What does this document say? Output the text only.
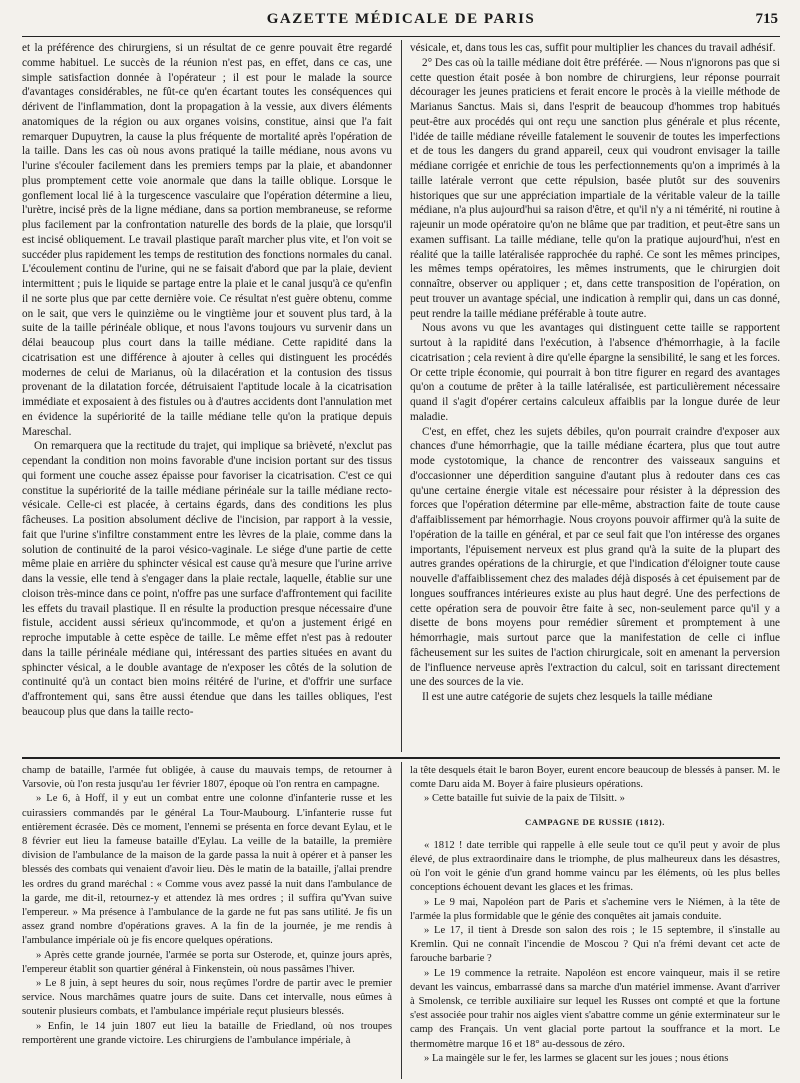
GAZETTE MÉDICALE DE PARIS	715

et la préférence des chirurgiens, si un résultat de ce genre pouvait être regardé comme habituel. Le succès de la réunion n'est pas, en effet, dans ce cas, une simple satisfaction donnée à l'opérateur ; il est pour le malade la source d'avantages considérables, ne fût-ce qu'en écartant toutes les conséquences qui dérivent de l'inflammation, dont la propagation à la vessie, aux divers éléments anatomiques de la région ou aux organes voisins, constitue, ainsi que l'a fait remarquer Dupuytren, la cause la plus fréquente de mortalité après l'opération de la taille. Dans les cas où nous avons pratiqué la taille médiane, nous avons vu l'urine s'écouler facilement dans les premiers temps par la plaie, et abandonner plus promptement cette voie anormale que dans la taille oblique. Lorsque le gonflement local lié à la turgescence vasculaire que l'opération détermine a lieu, l'urètre, incisé près de la ligne médiane, dans sa portion membraneuse, se reforme plus facilement par la confrontation naturelle des bords de la plaie, que lorsqu'il est incisé obliquement. Le travail plastique paraît marcher plus vite, et l'on voit se succéder plus rapidement les temps de restitution des fonctions normales du canal. L'écoulement continu de l'urine, qui ne se faisait d'abord que par la plaie, devient intermittent ; puis le liquide se partage entre la plaie et le canal jusqu'à ce qu'enfin il ne sorte plus que par cette dernière voie. Ce résultat n'est guère obtenu, comme on le sait, que vers le quinzième ou le vingtième jour et souvent plus tard, à la suite de la taille périnéale oblique, et nous l'avons toujours vu survenir dans un délai beaucoup plus court dans la taille médiane. Cette rapidité dans la cicatrisation est une différence à ajouter à celles qui distinguent les procédés modernes de celui de Marianus, où la dilacération et la contusion des tissus provenant de la dilatation forcée, détruisaient l'aptitude locale à la cicatrisation immédiate et exposaient à des fistules ou à d'autres accidents dont l'annulation met en évidence la supériorité de la taille médiane telle qu'on la pratique depuis Mareschal.

On remarquera que la rectitude du trajet, qui implique sa brièveté, n'exclut pas cependant la condition non moins favorable d'une incision portant sur des tissus qui forment une couche assez épaisse pour favoriser la cicatrisation. C'est ce qui constitue la supériorité de la taille médiane périnéale sur la taille médiane recto-vésicale. Celle-ci est placée, à certains égards, dans des conditions les plus fâcheuses. La position absolument déclive de l'incision, par rapport à la vessie, fait que l'urine s'infiltre constamment entre les lèvres de la plaie, comme dans la solution de continuité de la paroi vésico-vaginale. Le siége d'une partie de cette même plaie en arrière du sphincter vésical est cause qu'à mesure que l'urine arrive dans la vessie, elle tend à s'engager dans la plaie rectale, laquelle, établie sur une cloison très-mince dans ce point, n'offre pas une surface d'affrontement qui facilite les effets du travail plastique. Il en résulte la production presque nécessaire d'une fistule, accident aussi sérieux qu'incommode, et qu'on a justement érigé en reproche imputable à cette espèce de taille. Le même effet n'est pas à redouter dans la taille périnéale médiane qui, intéressant des parties situées en avant du sphincter vésical, a le double avantage de n'exposer les côtés de la solution de continuité qu'à un contact bien moins réitéré de l'urine, et d'offrir une surface d'affrontement qui, sans être aussi étendue que dans les tailles obliques, l'est beaucoup plus que dans la taille recto-

vésicale, et, dans tous les cas, suffit pour multiplier les chances du travail adhésif.

2° Des cas où la taille médiane doit être préférée. — Nous n'ignorons pas que si cette question était posée à bon nombre de chirurgiens, leur réponse pourrait décourager les jeunes praticiens et ferait encore le procès à la vieille méthode de Marianus Sanctus. Mais si, dans l'esprit de beaucoup d'hommes trop habitués peut-être aux procédés qui ont reçu une sanction plus générale et plus récente, l'idée de taille médiane réveille fatalement le souvenir de toutes les imperfections et de tous les dangers du grand appareil, ceux qui voudront envisager la taille médiane corrigée et enrichie de tous les perfectionnements qu'on a imprimés à la taille latérale verront que cette répulsion, basée plutôt sur des souvenirs historiques que sur une appréciation impartiale de la véritable valeur de la taille médiane, n'a plus aujourd'hui sa raison d'être, et qu'il n'y a ni témérité, ni routine à rajeunir un mode opératoire qu'on ne blâme que par tradition, et peut-être sans un examen suffisant. La taille médiane, telle qu'on la pratique aujourd'hui, n'est en réalité que la taille latéralisée rapprochée du raphé. Ce sont les mêmes principes, les mêmes temps opératoires, les mêmes instruments, que le chirurgien doit connaître, observer ou appliquer ; et, dans cette transposition de l'opération, on peut trouver un avantage spécial, une indication à remplir qui, dans un cas donné, peut rendre la taille médiane préférable à toute autre.

Nous avons vu que les avantages qui distinguent cette taille se rapportent surtout à la rapidité dans l'exécution, à l'absence d'hémorrhagie, à la facile cicatrisation ; cela revient à dire qu'elle épargne la sensibilité, le sang et les forces. Or cette triple économie, qui pourrait à bon titre figurer en regard des avantages qu'on a coutume de prêter à la taille latéralisée, est particulièrement nécessaire quand il s'agit d'opérer certains calculeux affaiblis par la longue durée de leur maladie.

C'est, en effet, chez les sujets débiles, qu'on pourrait craindre d'exposer aux chances d'une hémorrhagie, que la taille médiane écartera, plus que tout autre mode cystotomique, la chance de rencontrer des vaisseaux sanguins et d'occasionner une déperdition sanguine d'autant plus à redouter dans ces cas qu'une certaine énergie vitale est nécessaire pour résister à la dépression des forces que l'opération détermine par elle-même, abstraction faite de toute cause d'affaiblissement par hémorrhagie. Nous croyons pouvoir affirmer qu'à la suite de l'opération de la taille en général, et par ce seul fait que l'on intéresse des organes importants, l'épuisement nerveux est plus grand qu'à la suite de la plupart des autres grandes opérations de la chirurgie, et que l'indication d'éloigner toute cause nouvelle d'affaiblissement chez des malades déjà disposés à cet épuisement par de longues souffrances intérieures existe au plus haut degré. Une des perfections de cette opération sera de pouvoir être faite à sec, non-seulement parce qu'il y a disette de bons moyens pour remédier sûrement et promptement à une hémorrhagie, mais surtout parce que la manifestation de celle ci influe fâcheusement sur les suites de l'action chirurgicale, soit en amenant la perversion de l'influence nerveuse après l'extraction du calcul, soit en tarissant directement une des sources de la vie.

Il est une autre catégorie de sujets chez lesquels la taille médiane

champ de bataille, l'armée fut obligée, à cause du mauvais temps, de retourner à Varsovie, où l'on resta jusqu'au 1er février 1807, époque où l'on rentra en campagne.

» Le 6, à Hoff, il y eut un combat entre une colonne d'infanterie russe et les cuirassiers commandés par le général La Tour-Maubourg. L'infanterie russe fut entièrement écrasée. Dès ce moment, l'ennemi se présenta en force devant Eylau, et le 8 février eut lieu la fameuse bataille d'Eylau. La veille de la bataille, la première division de l'ambulance de la maison de la garde passa la nuit à opérer et à panser les blessés des combats qui venaient d'avoir lieu. Dès le matin de la bataille, j'allai prendre les ordres du grand maréchal : « Comme vous avez passé la nuit dans l'ambulance de la garde, me dit-il, retournez-y et attendez là mes ordres ; il suffira qu'Yvan suive l'empereur. » Ma présence à l'ambulance de la garde ne fut pas sans utilité. Je fis un assez grand nombre d'opérations graves. A la fin de la journée, je me rendis à l'ambulance impériale où je fis encore quelques opérations.

» Après cette grande journée, l'armée se porta sur Osterode, et, quinze jours après, l'empereur établit son quartier général à Finkenstein, où nous passâmes l'hiver.

» Le 8 juin, à sept heures du soir, nous reçûmes l'ordre de partir avec le premier service. Nous marchâmes quatre jours de suite. Dans cet intervalle, nous eûmes à soutenir plusieurs combats, et l'ambulance impériale reçut plusieurs blessés.

» Enfin, le 14 juin 1807 eut lieu la bataille de Friedland, où nos troupes remportèrent une grande victoire. Les chirurgiens de l'ambulance impériale, à

la tête desquels était le baron Boyer, eurent encore beaucoup de blessés à panser. M. le comte Daru aida M. Boyer à faire plusieurs opérations.

» Cette bataille fut suivie de la paix de Tilsitt. »

CAMPAGNE DE RUSSIE (1812).

« 1812 ! date terrible qui rappelle à elle seule tout ce qu'il peut y avoir de plus élevé, de plus extraordinaire dans le triomphe, de plus malheureux dans les désastres, où l'on voit le génie d'un grand homme vaincu par les éléments, où les plus belles conceptions échouent devant les glaces et les frimas.

» Le 9 mai, Napoléon part de Paris et s'achemine vers le Niémen, à la tête de l'armée la plus formidable que le génie des conquêtes ait jamais conduite.

» Le 17, il tient à Dresde son salon des rois ; le 15 septembre, il s'installe au Kremlin. Qui ne connaît l'incendie de Moscou ? Qui n'a frémi devant cet acte de farouche barbarie ?

» Le 19 commence la retraite. Napoléon est encore vainqueur, mais il se retire devant les vaincus, embarrassé dans sa marche d'un matériel immense. Avant d'arriver à Smolensk, ce terrible auxiliaire sur lequel les Russes ont compté et que la fortune s'est associée pour trahir nos aigles vient s'abattre comme un génie exterminateur sur le camp des Français. Un vent glacial porte partout la souffrance et la mort. Le thermomètre marque 16 et 18° au-dessous de zéro.

» La maingèle sur le fer, les larmes se glacent sur les joues ; nous étions
